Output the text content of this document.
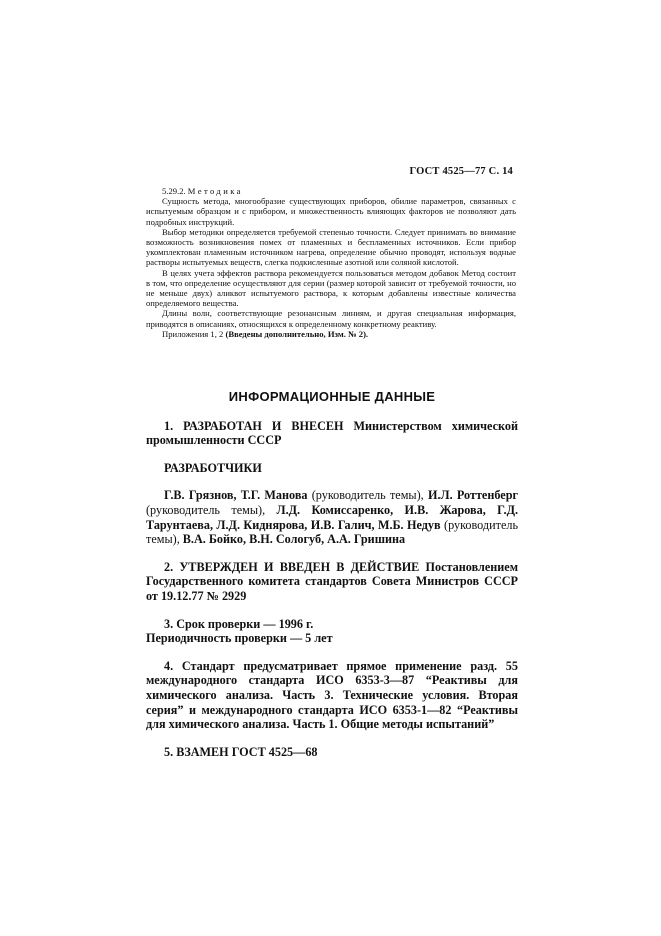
ГОСТ 4525—77 С. 14

5.29.2. Методика

Сущность метода, многообразие существующих приборов, обилие параметров, связанных с испытуемым образцом и с прибором, и множественность влияющих факторов не позволяют дать подробных инструкций.

Выбор методики определяется требуемой степенью точности. Следует принимать во внимание возможность возникновения помех от пламенных и беспламенных источников. Если прибор укомплектован пламенным источником нагрева, определение обычно проводят, используя водные растворы испытуемых веществ, слегка подкисленные азотной или соляной кислотой.

В целях учета эффектов раствора рекомендуется пользоваться методом добавок Метод состоит в том, что определение осуществляют для серии (размер которой зависит от требуемой точности, но не меньше двух) аликвот испытуемого раствора, к которым добавлены известные количества определяемого вещества.

Длины волн, соответствующие резонансным линиям, и другая специальная информация, приводятся в описаниях, относящихся к определенному конкретному реактиву.

Приложения 1, 2 (Введены дополнительно, Изм. № 2).

ИНФОРМАЦИОННЫЕ ДАННЫЕ

1. РАЗРАБОТАН И ВНЕСЕН Министерством химической промышленности СССР

РАЗРАБОТЧИКИ

Г.В. Грязнов, Т.Г. Манова (руководитель темы), И.Л. Роттенберг (руководитель темы), Л.Д. Комиссаренко, И.В. Жарова, Г.Д. Тарунтаева, Л.Д. Киднярова, И.В. Галич, М.Б. Недув (руководитель темы), В.А. Бойко, В.Н. Сологуб, А.А. Гришина

2. УТВЕРЖДЕН И ВВЕДЕН В ДЕЙСТВИЕ Постановлением Государственного комитета стандартов Совета Министров СССР от 19.12.77 № 2929

3. Срок проверки — 1996 г.

Периодичность проверки — 5 лет

4. Стандарт предусматривает прямое применение разд. 55 международного стандарта ИСО 6353-3—87 “Реактивы для химического анализа. Часть 3. Технические условия. Вторая серия” и международного стандарта ИСО 6353-1—82 “Реактивы для химического анализа. Часть 1. Общие методы испытаний”

5. ВЗАМЕН ГОСТ 4525—68
